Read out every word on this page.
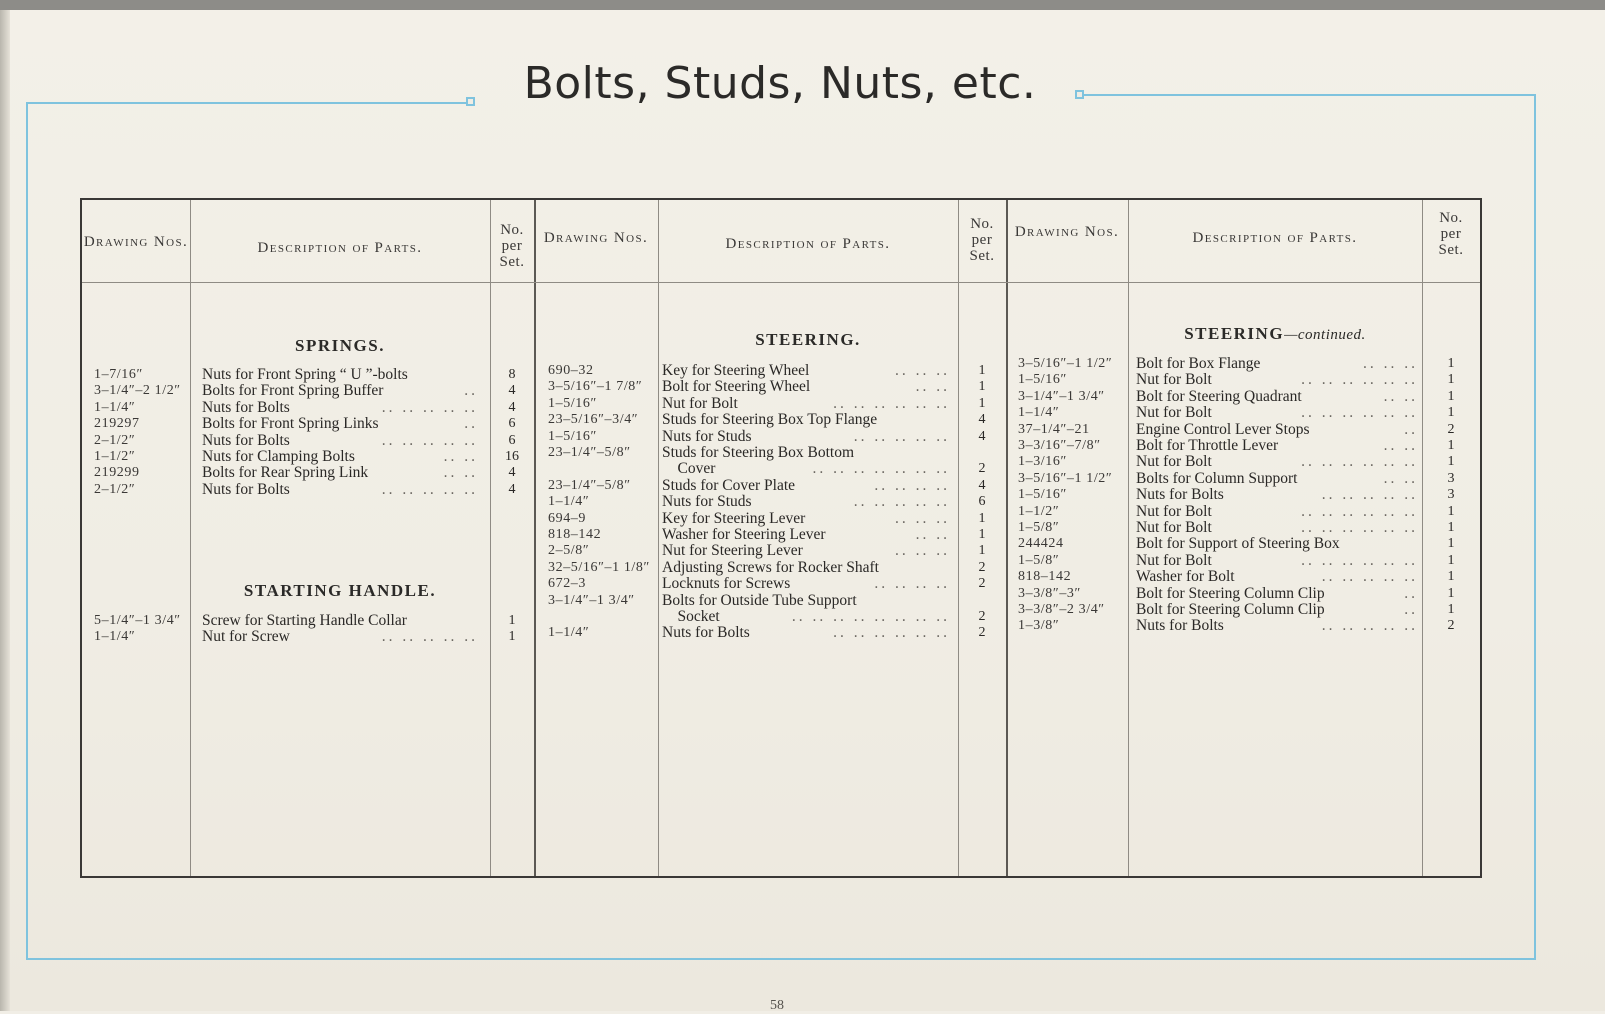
Bolts, Studs, Nuts, etc.
Drawing Nos.	Description of Parts.
No.
per
Set.
Drawing Nos.	Description of Parts.
No.
per
Set.
Drawing Nos.	Description of Parts.
No.
per
Set.
SPRINGS.
STARTING HANDLE.
STEERING.	STEERING—continued.
1–7/16″	Nuts for Front Spring “ U ”-bolts	8
3–1/4″–2 1/2″ Bolts for Front Spring Buffer	..	4
1–1/4″	Nuts for Bolts	.. .. .. .. ..	4
219297	Bolts for Front Spring Links	..	6
2–1/2″	Nuts for Bolts	.. .. .. .. ..	6
1–1/2″	Nuts for Clamping Bolts	.. ..	16
219299	Bolts for Rear Spring Link	.. ..	4
2–1/2″	Nuts for Bolts	.. .. .. .. ..	4
5–1/4″–1 3/4″ Screw for Starting Handle Collar	1
1–1/4″	Nut for Screw	.. .. .. .. ..	1
690–32	Key for Steering Wheel	.. .. ..	1
3–5/16″–1 7/8″ Bolt for Steering Wheel	.. ..	1
1–5/16″	Nut for Bolt	.. .. .. .. .. ..	1
23–5/16″–3/4″ Studs for Steering Box Top Flange	4
1–5/16″	Nuts for Studs	.. .. .. .. ..	4
23–1/4″–5/8″ Studs for Steering Box Bottom
Cover	.. .. .. .. .. .. ..	2
23–1/4″–5/8″ Studs for Cover Plate	.. .. .. ..	4
1–1/4″	Nuts for Studs	.. .. .. .. ..	6
694–9	Key for Steering Lever	.. .. ..	1
818–142	Washer for Steering Lever	.. ..	1
2–5/8″	Nut for Steering Lever	.. .. ..	1
32–5/16″–1 1/8″ Adjusting Screws for Rocker Shaft	2
672–3	Locknuts for Screws	.. .. .. ..	2
3–1/4″–1 3/4″ Bolts for Outside Tube Support
Socket	.. .. .. .. .. .. .. ..	2
1–1/4″	Nuts for Bolts	.. .. .. .. .. ..	2
3–5/16″–1 1/2″ Bolt for Box Flange	.. .. ..	1
1–5/16″	Nut for Bolt	.. .. .. .. .. ..	1
3–1/4″–1 3/4″ Bolt for Steering Quadrant	.. ..	1
1–1/4″	Nut for Bolt	.. .. .. .. .. ..	1
37–1/4″–21	Engine Control Lever Stops	..	2
3–3/16″–7/8″ Bolt for Throttle Lever	.. ..	1
1–3/16″	Nut for Bolt	.. .. .. .. .. ..	1
3–5/16″–1 1/2″ Bolts for Column Support	.. ..	3
1–5/16″	Nuts for Bolts	.. .. .. .. ..	3
1–1/2″	Nut for Bolt	.. .. .. .. .. ..	1
1–5/8″	Nut for Bolt	.. .. .. .. .. ..	1
244424	Bolt for Support of Steering Box	1
1–5/8″	Nut for Bolt	.. .. .. .. .. ..	1
818–142	Washer for Bolt	.. .. .. .. ..	1
3–3/8″–3″	Bolt for Steering Column Clip	..	1
3–3/8″–2 3/4″ Bolt for Steering Column Clip	..	1
1–3/8″	Nuts for Bolts	.. .. .. .. ..	2
58
